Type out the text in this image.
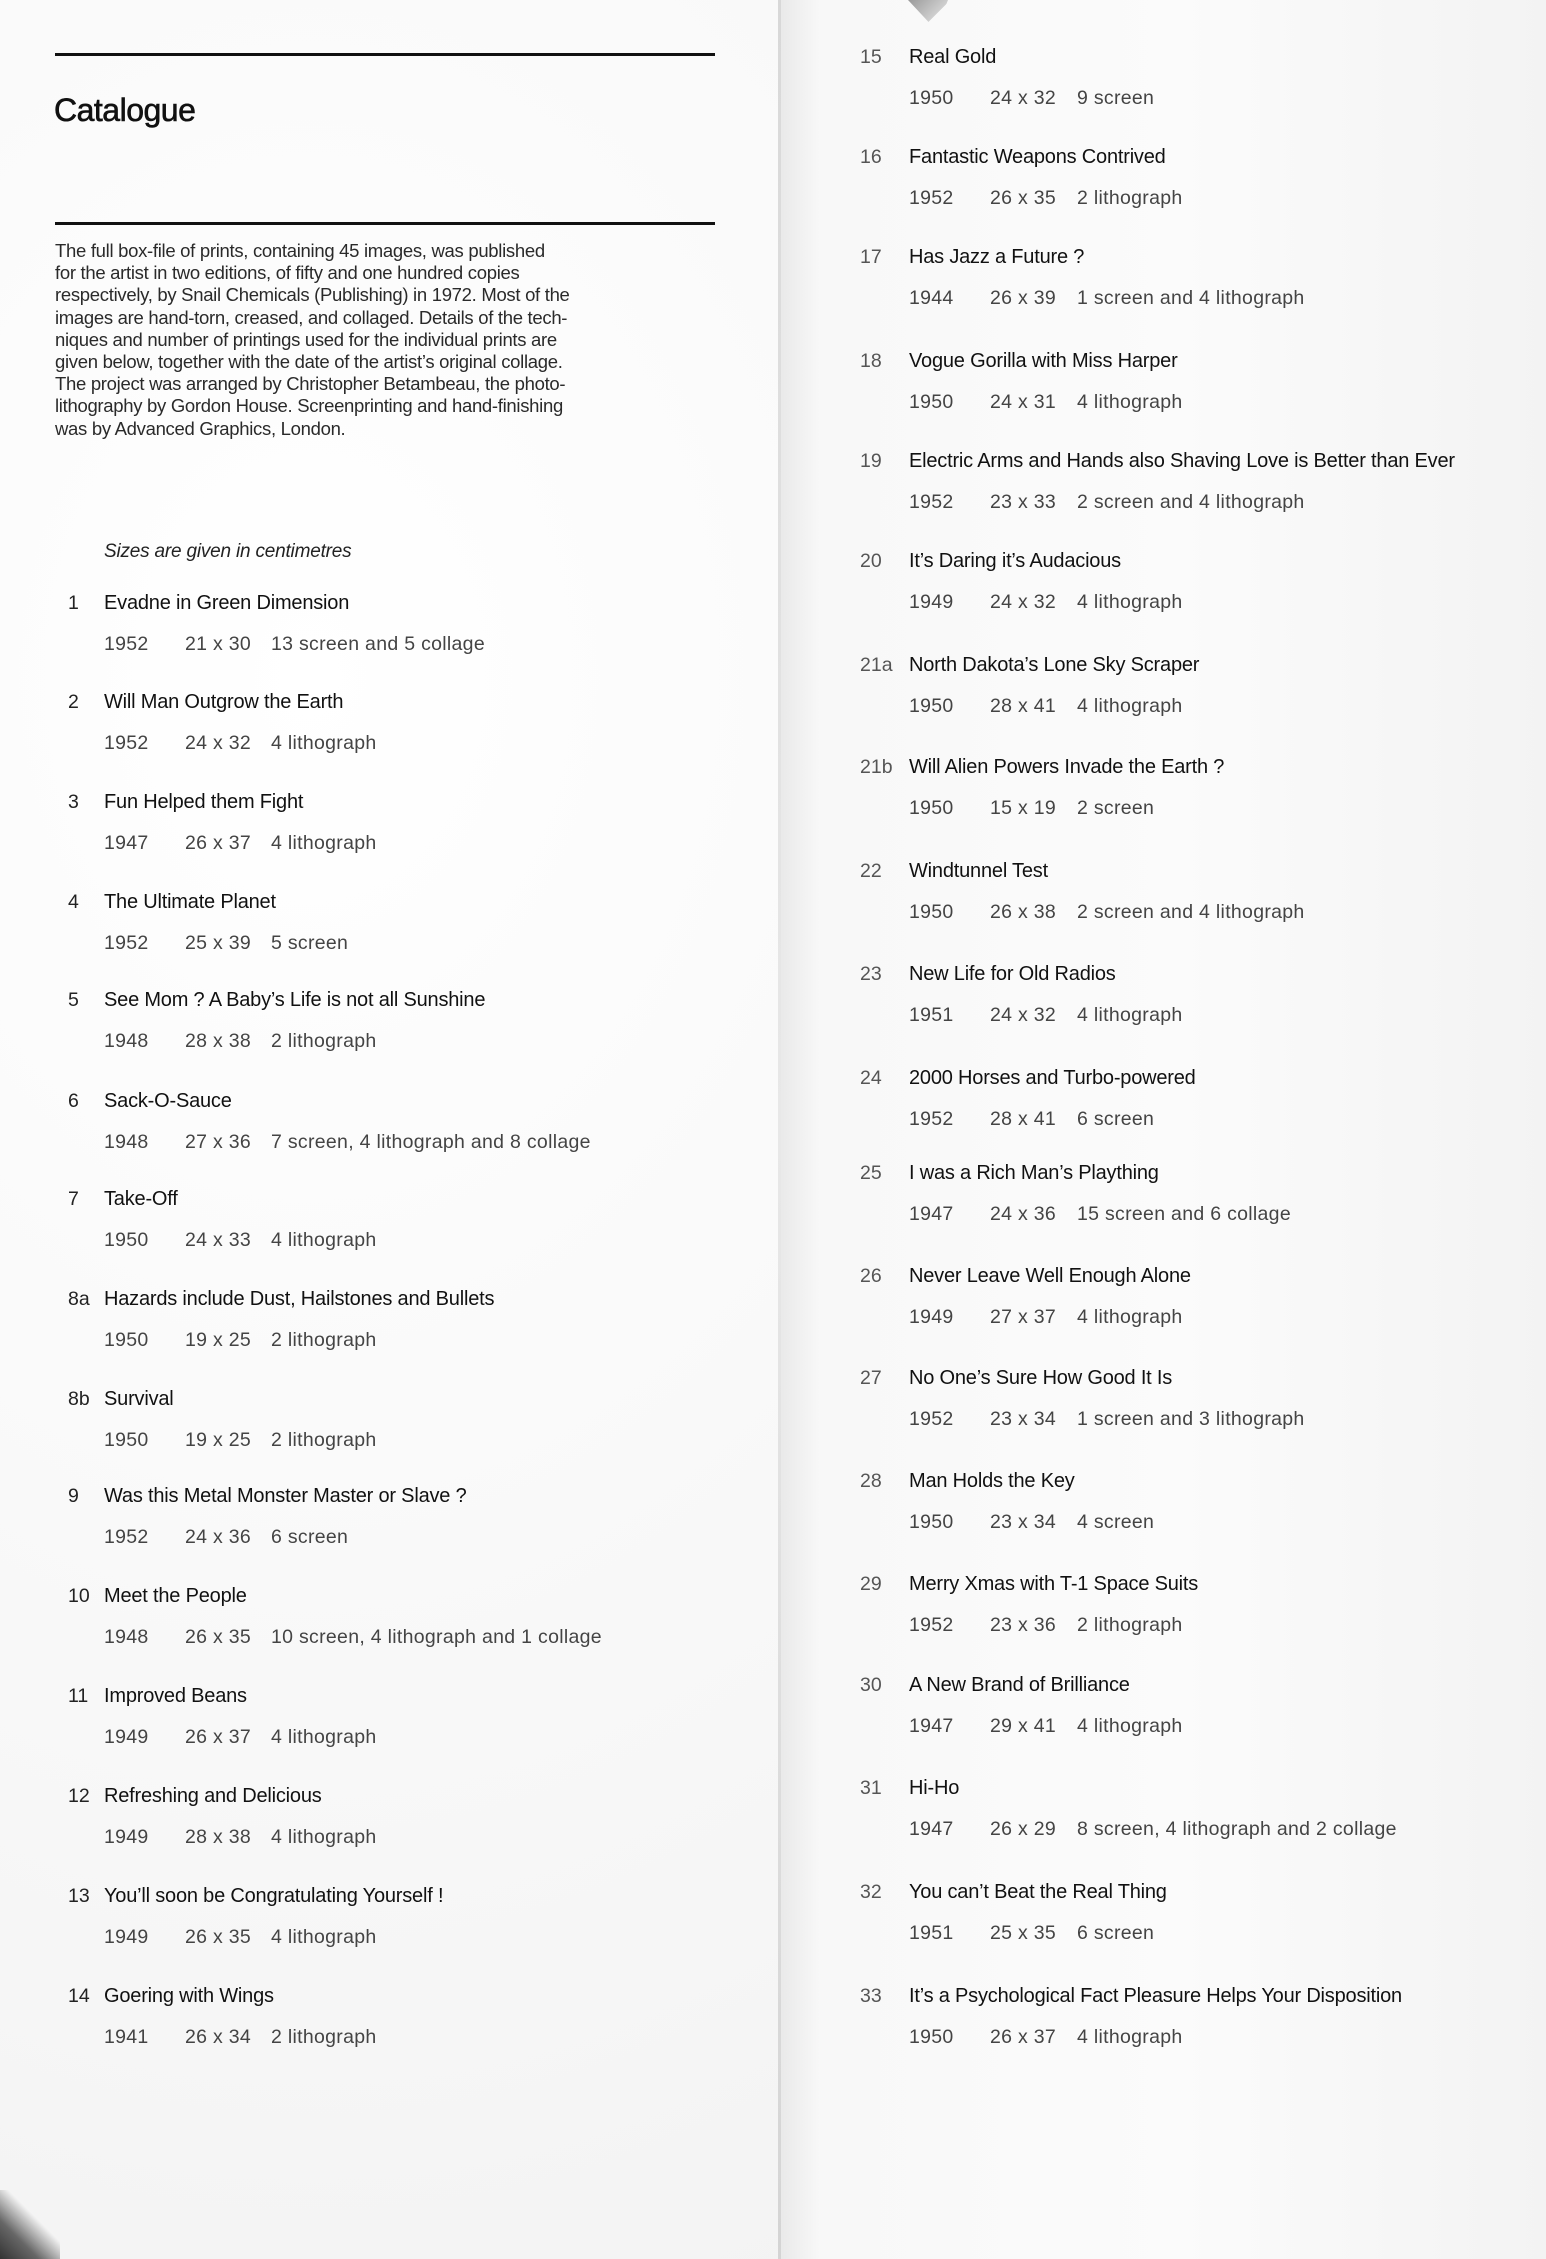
Catalogue

The full box-file of prints, containing 45 images, was published
for the artist in two editions, of fifty and one hundred copies
respectively, by Snail Chemicals (Publishing) in 1972. Most of the
images are hand-torn, creased, and collaged. Details of the tech-
niques and number of printings used for the individual prints are
given below, together with the date of the artist’s original collage.
The project was arranged by Christopher Betambeau, the photo-
lithography by Gordon House. Screenprinting and hand-finishing
was by Advanced Graphics, London.

Sizes are given in centimetres
1 Evadne in Green Dimension
1952 21 x 30 13 screen and 5 collage
2 Will Man Outgrow the Earth
1952 24 x 32 4 lithograph
3 Fun Helped them Fight
1947 26 x 37 4 lithograph
4 The Ultimate Planet
1952 25 x 39 5 screen
5 See Mom ? A Baby’s Life is not all Sunshine
1948 28 x 38 2 lithograph
6 Sack-O-Sauce
1948 27 x 36 7 screen, 4 lithograph and 8 collage
7 Take-Off
1950 24 x 33 4 lithograph
8a Hazards include Dust, Hailstones and Bullets
1950 19 x 25 2 lithograph
8b Survival
1950 19 x 25 2 lithograph
9 Was this Metal Monster Master or Slave ?
1952 24 x 36 6 screen
10 Meet the People
1948 26 x 35 10 screen, 4 lithograph and 1 collage
11 Improved Beans
1949 26 x 37 4 lithograph
12 Refreshing and Delicious
1949 28 x 38 4 lithograph
13 You’ll soon be Congratulating Yourself !
1949 26 x 35 4 lithograph
14 Goering with Wings
1941 26 x 34 2 lithograph
15 Real Gold
1950 24 x 32 9 screen
16 Fantastic Weapons Contrived
1952 26 x 35 2 lithograph
17 Has Jazz a Future ?
1944 26 x 39 1 screen and 4 lithograph
18 Vogue Gorilla with Miss Harper
1950 24 x 31 4 lithograph
19 Electric Arms and Hands also Shaving Love is Better than Ever
1952 23 x 33 2 screen and 4 lithograph
20 It’s Daring it’s Audacious
1949 24 x 32 4 lithograph
21a North Dakota’s Lone Sky Scraper
1950 28 x 41 4 lithograph
21b Will Alien Powers Invade the Earth ?
1950 15 x 19 2 screen
22 Windtunnel Test
1950 26 x 38 2 screen and 4 lithograph
23 New Life for Old Radios
1951 24 x 32 4 lithograph
24 2000 Horses and Turbo-powered
1952 28 x 41 6 screen
25 I was a Rich Man’s Plaything
1947 24 x 36 15 screen and 6 collage
26 Never Leave Well Enough Alone
1949 27 x 37 4 lithograph
27 No One’s Sure How Good It Is
1952 23 x 34 1 screen and 3 lithograph
28 Man Holds the Key
1950 23 x 34 4 screen
29 Merry Xmas with T-1 Space Suits
1952 23 x 36 2 lithograph
30 A New Brand of Brilliance
1947 29 x 41 4 lithograph
31 Hi-Ho
1947 26 x 29 8 screen, 4 lithograph and 2 collage
32 You can’t Beat the Real Thing
1951 25 x 35 6 screen
33 It’s a Psychological Fact Pleasure Helps Your Disposition
1950 26 x 37 4 lithograph
